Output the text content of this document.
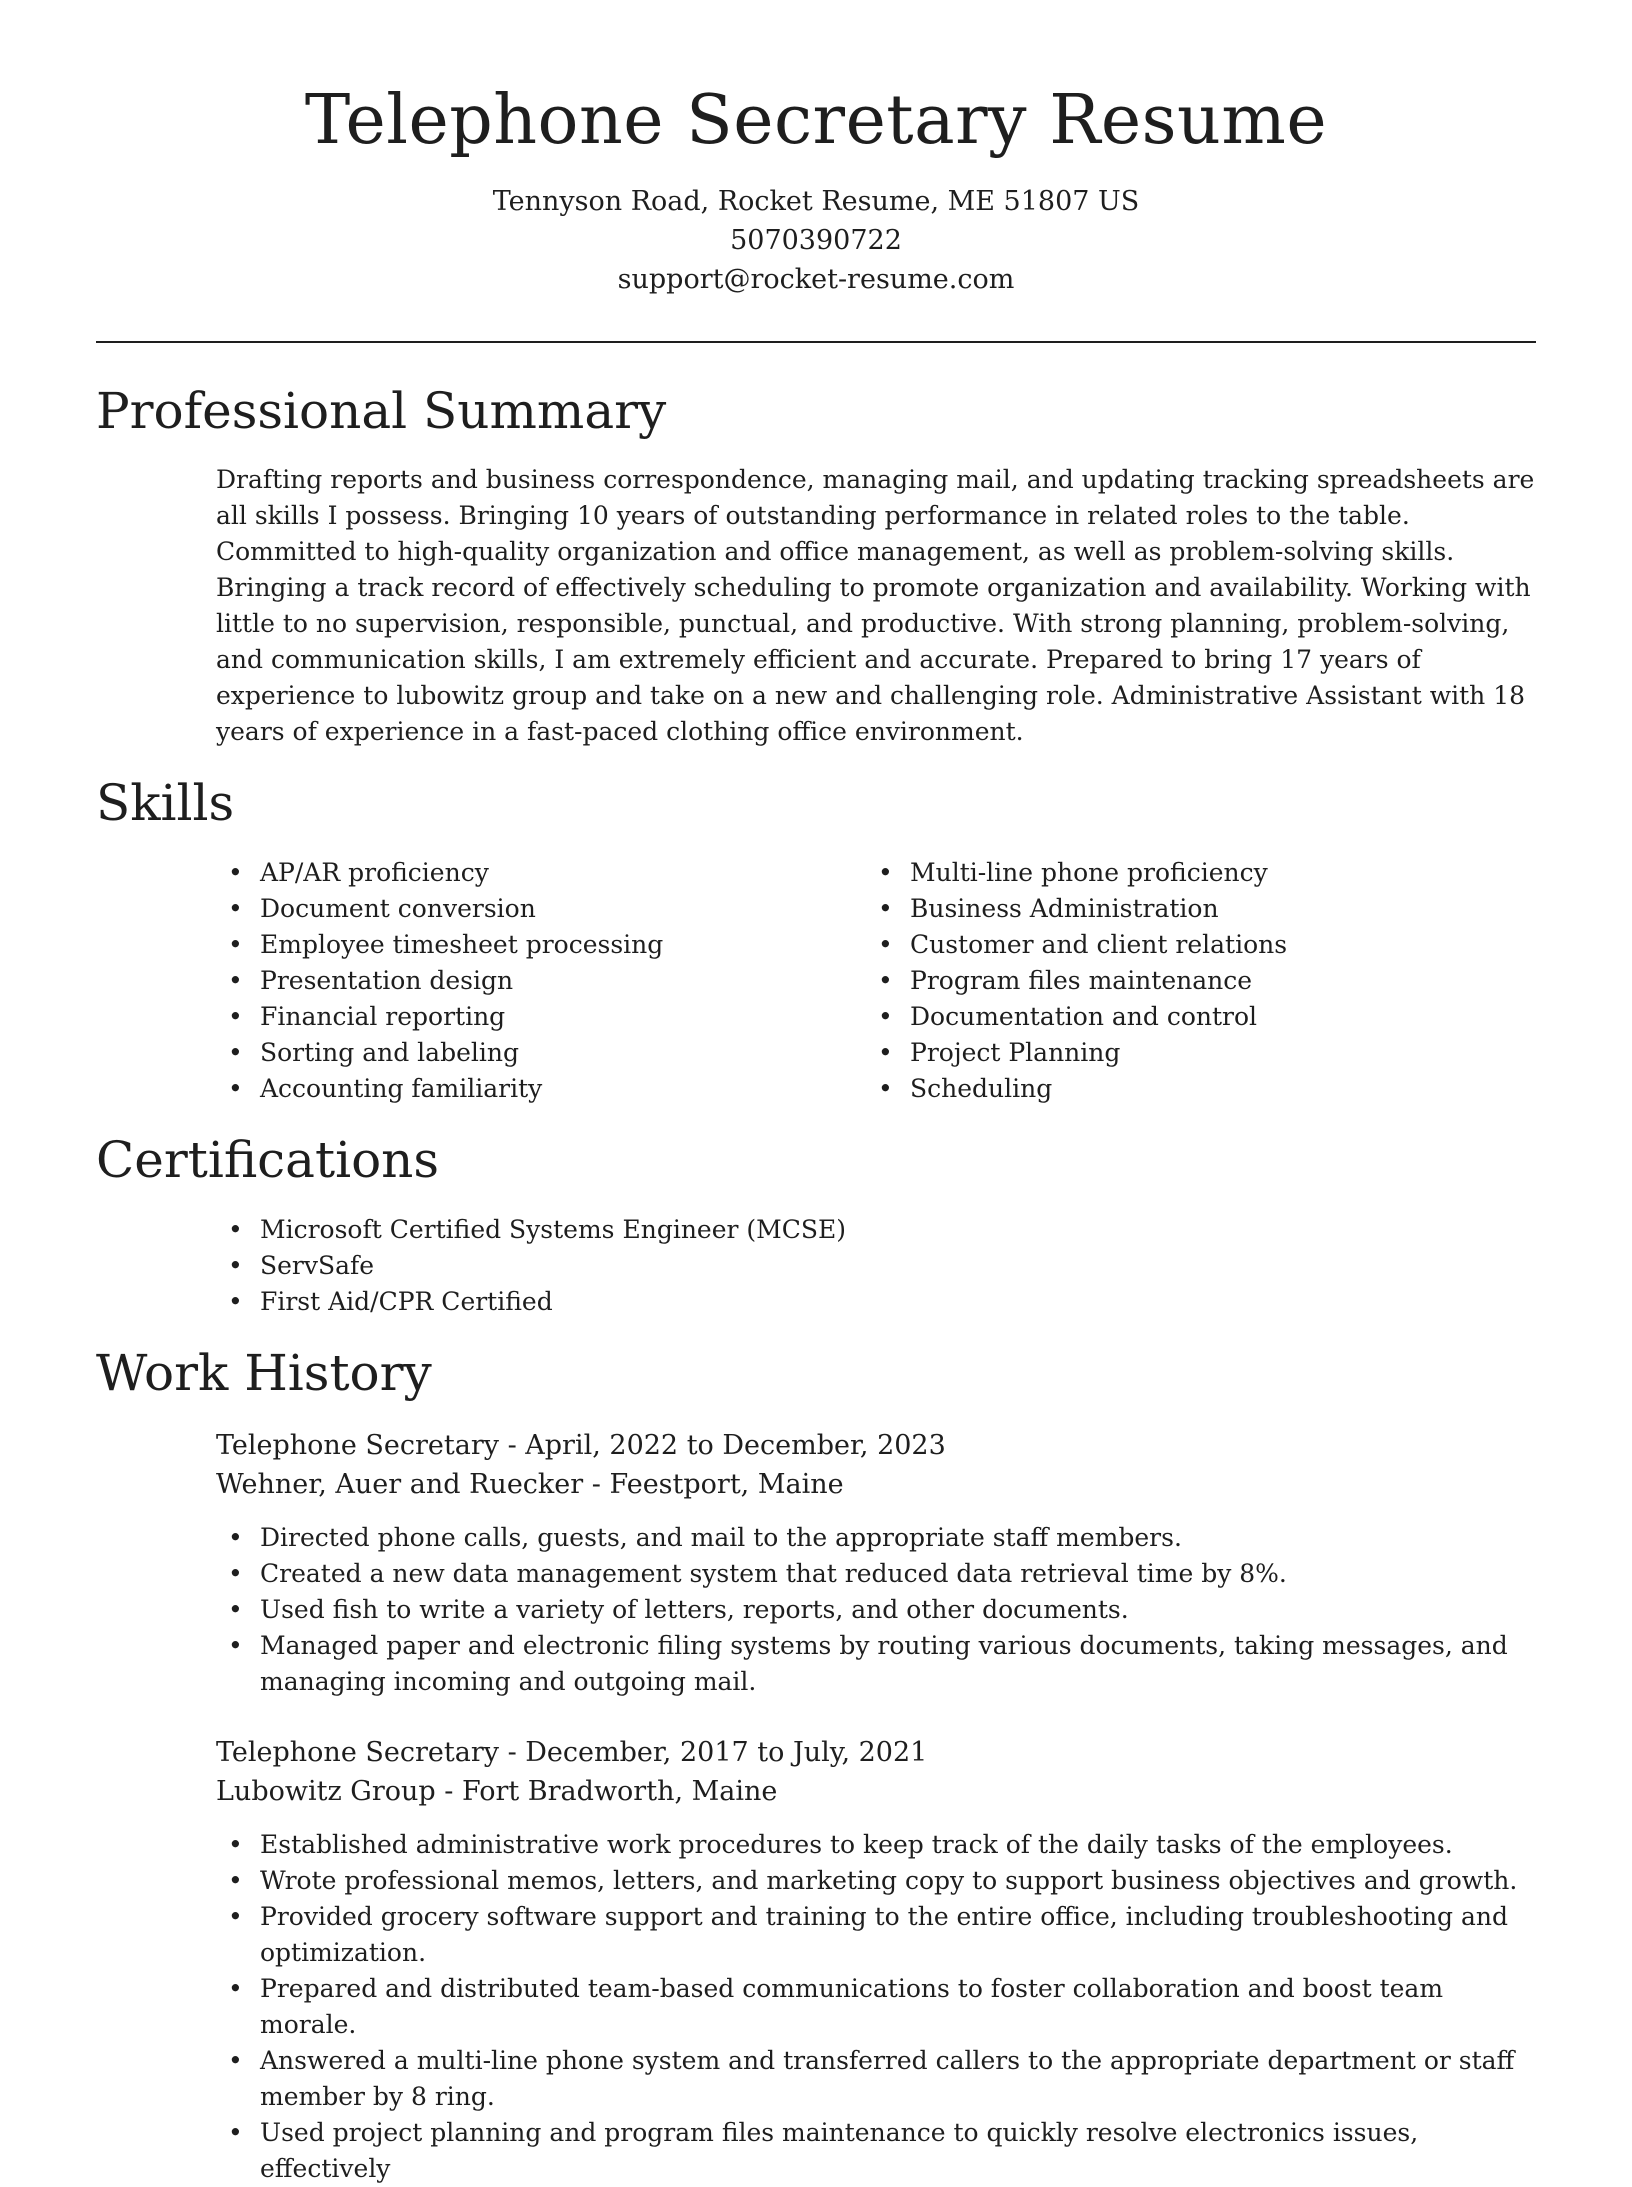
Telephone Secretary Resume
Tennyson Road, Rocket Resume, ME 51807 US
5070390722
support@rocket-resume.com
Professional Summary
Drafting reports and business correspondence, managing mail, and updating tracking spreadsheets are all skills I possess. Bringing 10 years of outstanding performance in related roles to the table. Committed to high-quality organization and office management, as well as problem-solving skills. Bringing a track record of effectively scheduling to promote organization and availability. Working with little to no supervision, responsible, punctual, and productive. With strong planning, problem-solving, and communication skills, I am extremely efficient and accurate. Prepared to bring 17 years of experience to lubowitz group and take on a new and challenging role. Administrative Assistant with 18 years of experience in a fast-paced clothing office environment.
Skills
• AP/AR proficiency
• Document conversion
• Employee timesheet processing
• Presentation design
• Financial reporting
• Sorting and labeling
• Accounting familiarity
• Multi-line phone proficiency
• Business Administration
• Customer and client relations
• Program files maintenance
• Documentation and control
• Project Planning
• Scheduling
Certifications
• Microsoft Certified Systems Engineer (MCSE)
• ServSafe
• First Aid/CPR Certified
Work History
Telephone Secretary - April, 2022 to December, 2023
Wehner, Auer and Ruecker - Feestport, Maine
• Directed phone calls, guests, and mail to the appropriate staff members.
• Created a new data management system that reduced data retrieval time by 8%.
• Used fish to write a variety of letters, reports, and other documents.
• Managed paper and electronic filing systems by routing various documents, taking messages, and managing incoming and outgoing mail.
Telephone Secretary - December, 2017 to July, 2021
Lubowitz Group - Fort Bradworth, Maine
• Established administrative work procedures to keep track of the daily tasks of the employees.
• Wrote professional memos, letters, and marketing copy to support business objectives and growth.
• Provided grocery software support and training to the entire office, including troubleshooting and optimization.
• Prepared and distributed team-based communications to foster collaboration and boost team morale.
• Answered a multi-line phone system and transferred callers to the appropriate department or staff member by 8 ring.
• Used project planning and program files maintenance to quickly resolve electronics issues, effectively
